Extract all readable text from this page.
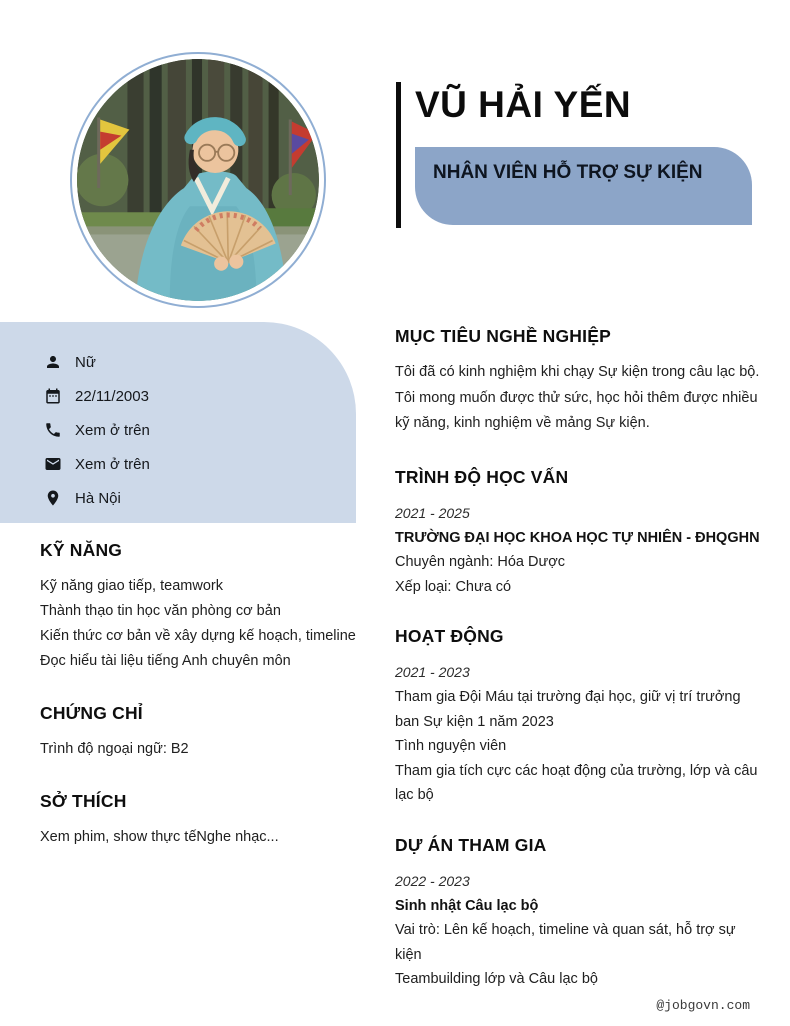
VŨ HẢI YẾN

NHÂN VIÊN HỖ TRỢ SỰ KIỆN

Nữ
22/11/2003
Xem ở trên
Xem ở trên
Hà Nội
KỸ NĂNG
Kỹ năng giao tiếp, teamwork
Thành thạo tin học văn phòng cơ bản
Kiến thức cơ bản về xây dựng kế hoạch, timeline
Đọc hiểu tài liệu tiếng Anh chuyên môn
CHỨNG CHỈ
Trình độ ngoại ngữ: B2
SỞ THÍCH
Xem phim, show thực tếNghe nhạc...
MỤC TIÊU NGHỀ NGHIỆP

Tôi đã có kinh nghiệm khi chạy Sự kiện trong câu lạc bộ. Tôi mong muốn được thử sức, học hỏi thêm được nhiều kỹ năng, kinh nghiệm về mảng Sự kiện.

TRÌNH ĐỘ HỌC VẤN
2021 - 2025
TRƯỜNG ĐẠI HỌC KHOA HỌC TỰ NHIÊN - ĐHQGHN
Chuyên ngành: Hóa Dược
Xếp loại: Chưa có
HOẠT ĐỘNG
2021 - 2023
Tham gia Đội Máu tại trường đại học, giữ vị trí trưởng ban Sự kiện 1 năm 2023
Tình nguyện viên
Tham gia tích cực các hoạt động của trường, lớp và câu lạc bộ
DỰ ÁN THAM GIA
2022 - 2023
Sinh nhật Câu lạc bộ
Vai trò: Lên kế hoạch, timeline và quan sát, hỗ trợ sự kiện
Teambuilding lớp và Câu lạc bộ
@jobgovn.com
